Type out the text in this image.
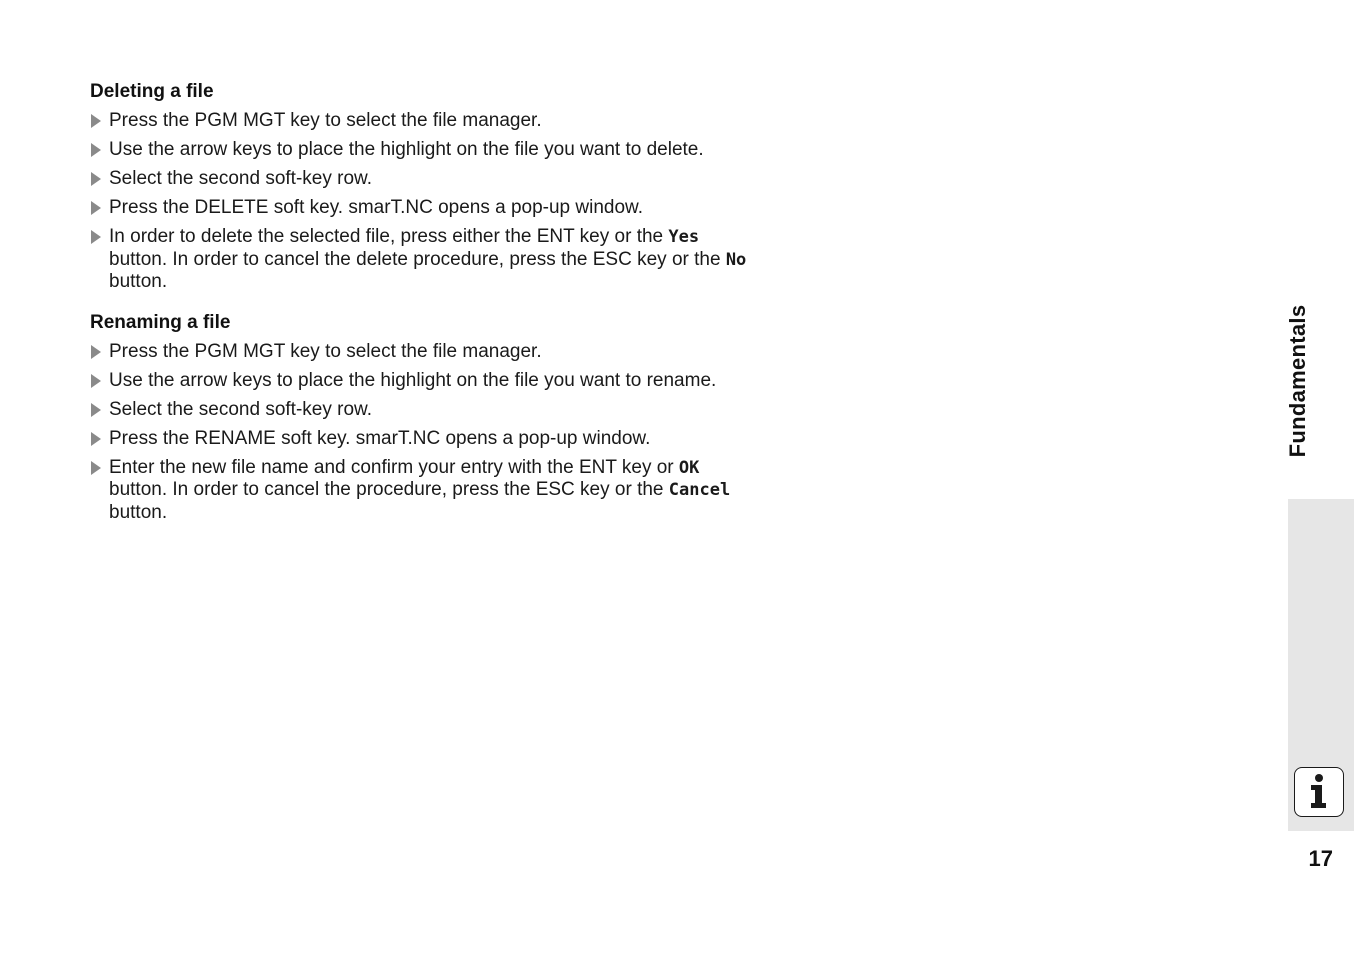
Deleting a file
Press the PGM MGT key to select the file manager.
Use the arrow keys to place the highlight on the file you want to delete.
Select the second soft-key row.
Press the DELETE soft key. smarT.NC opens a pop-up window.
In order to delete the selected file, press either the ENT key or the Yes button. In order to cancel the delete procedure, press the ESC key or the No button.
Renaming a file
Press the PGM MGT key to select the file manager.
Use the arrow keys to place the highlight on the file you want to rename.
Select the second soft-key row.
Press the RENAME soft key. smarT.NC opens a pop-up window.
Enter the new file name and confirm your entry with the ENT key or OK button. In order to cancel the procedure, press the ESC key or the Cancel button.
Fundamentals
17
